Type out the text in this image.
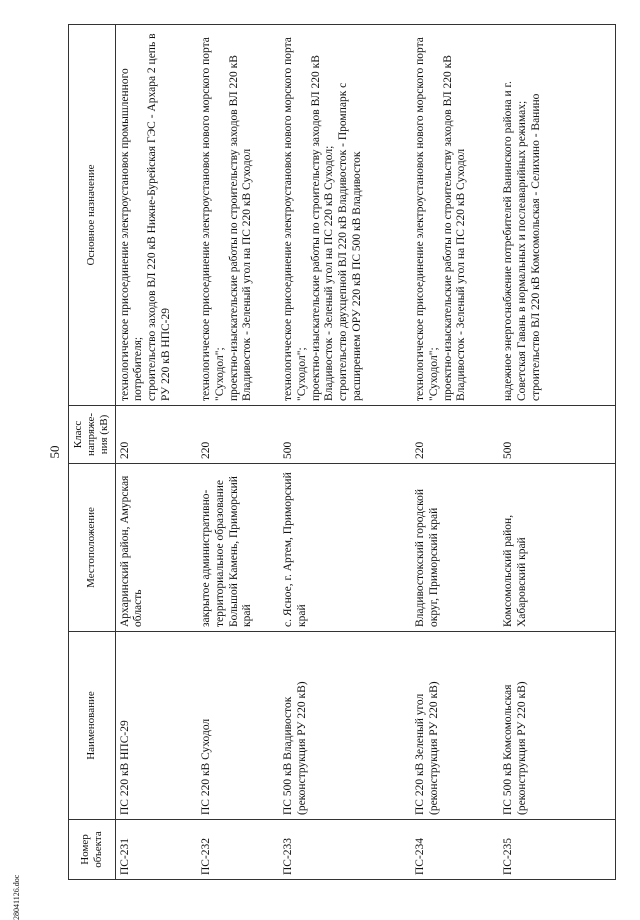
50
28041126.doc
Номер объекта	Наименование	Местоположение	Класс напряже-ния (кВ)	Основное назначение
ПС-231	ПС 220 кВ НПС-29	Архаринский район, Амурская область	220	технологическое присоединение электроустановок промышленного потребителя; строительство заходов ВЛ 220 кВ Нижне-Бурейская ГЭС - Архара 2 цепь в РУ 220 кВ НПС-29

ПС-232	ПС 220 кВ Суходол	закрытое административно-территориальное образование Большой Камень, Приморский край	220	технологическое присоединение электроустановок нового морского порта "Суходол"; проектно-изыскательские работы по строительству заходов ВЛ 220 кВ Владивосток - Зеленый угол на ПС 220 кВ Суходол

ПС-233	ПС 500 кВ Владивосток (реконструкция РУ 220 кВ)	с. Ясное, г. Артем, Приморский край	500	технологическое присоединение электроустановок нового морского порта "Суходол"; проектно-изыскательские работы по строительству заходов ВЛ 220 кВ Владивосток - Зеленый угол на ПС 220 кВ Суходол; строительство двухцепной ВЛ 220 кВ Владивосток - Промпарк с расширением ОРУ 220 кВ ПС 500 кВ Владивосток

ПС-234	ПС 220 кВ Зеленый угол (реконструкция РУ 220 кВ)	Владивостокский городской округ, Приморский край	220	технологическое присоединение электроустановок нового морского порта "Суходол"; проектно-изыскательские работы по строительству заходов ВЛ 220 кВ Владивосток - Зеленый угол на ПС 220 кВ Суходол

ПС-235	ПС 500 кВ Комсомольская (реконструкция РУ 220 кВ)	Комсомольский район, Хабаровский край	500	надежное энергоснабжение потребителей Ванинского района и г. Советская Гавань в нормальных и послеаварийных режимах; строительство ВЛ 220 кВ Комсомольская - Селихино - Ванино
